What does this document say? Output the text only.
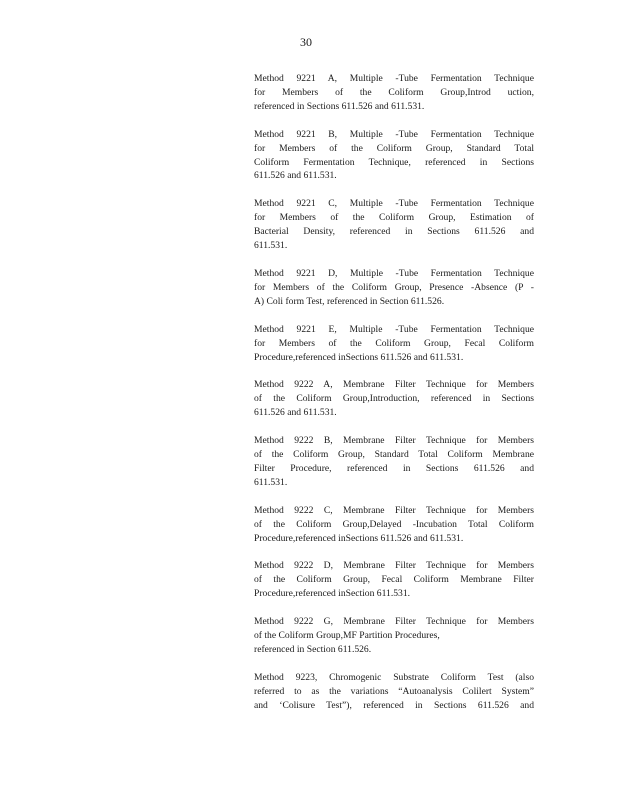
30

Method 9221 A, Multiple -Tube Fermentation Technique
for Members of the Coliform Group,Introd uction,
referenced in Sections 611.526 and 611.531.

Method 9221 B, Multiple -Tube Fermentation Technique
for Members of the Coliform Group, Standard Total
Coliform Fermentation Technique, referenced in Sections
611.526 and 611.531.

Method 9221 C, Multiple -Tube Fermentation Technique
for Members of the Coliform Group, Estimation of
Bacterial Density, referenced in Sections 611.526 and
611.531.

Method 9221 D, Multiple -Tube Fermentation Technique
for Members of the Coliform Group, Presence -Absence (P -
A) Coli form Test, referenced in Section 611.526.

Method 9221 E, Multiple -Tube Fermentation Technique
for Members of the Coliform Group, Fecal Coliform
Procedure,referenced inSections 611.526 and 611.531.

Method 9222 A, Membrane Filter Technique for Members
of the Coliform Group,Introduction, referenced in Sections
611.526 and 611.531.

Method 9222 B, Membrane Filter Technique for Members
of the Coliform Group, Standard Total Coliform Membrane
Filter Procedure, referenced in Sections 611.526 and
611.531.

Method 9222 C, Membrane Filter Technique for Members
of the Coliform Group,Delayed -Incubation Total Coliform
Procedure,referenced inSections 611.526 and 611.531.

Method 9222 D, Membrane Filter Technique for Members
of the Coliform Group, Fecal Coliform Membrane Filter
Procedure,referenced inSection 611.531.

Method 9222 G, Membrane Filter Technique for Members
of the Coliform Group,MF Partition Procedures,
referenced in Section 611.526.

Method 9223, Chromogenic Substrate Coliform Test (also
referred to as the variations “Autoanalysis Colilert System”
and ‘Colisure Test”), referenced in Sections 611.526 and
